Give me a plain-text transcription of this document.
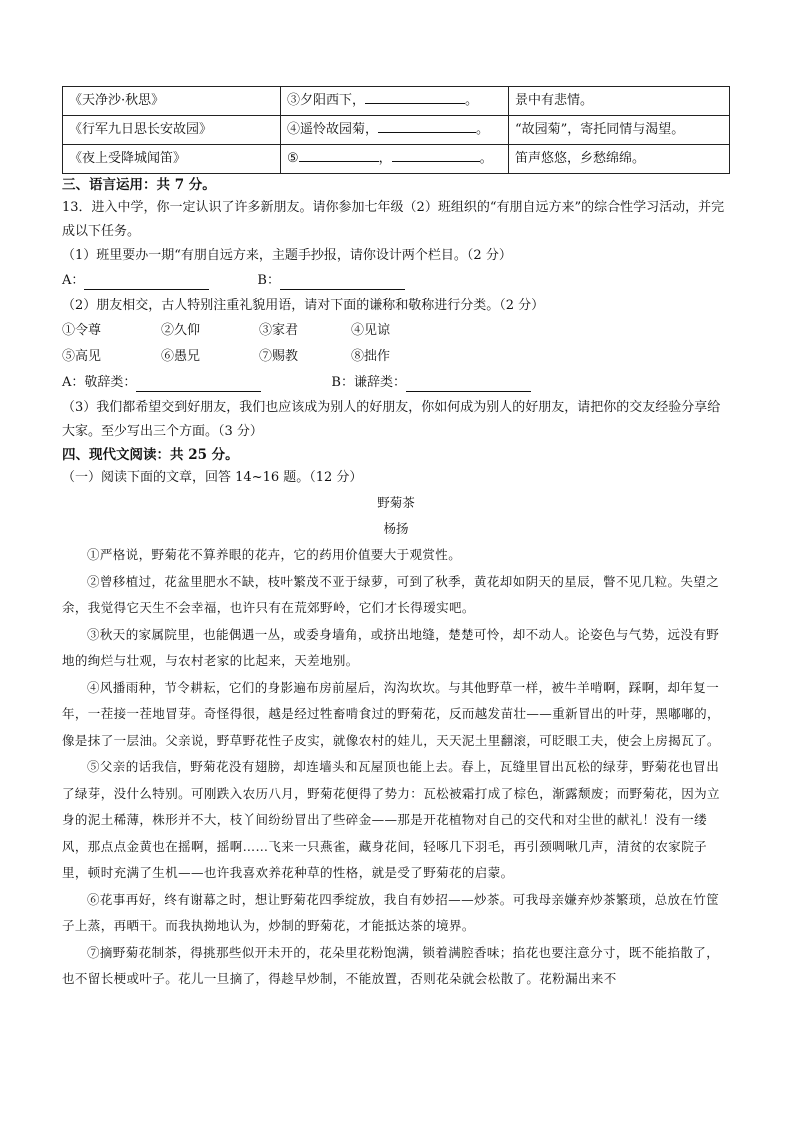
《天净沙·秋思》	③夕阳西下， 。	景中有悲情。
《行军九日思长安故园》	④遥怜故园菊， 。	“故园菊”，寄托同情与渴望。
《夜上受降城闻笛》	⑤ ， 。	笛声悠悠，乡愁绵绵。

三、语言运用：共 7 分。

13．进入中学，你一定认识了许多新朋友。请你参加七年级（2）班组织的“有朋自远方来”的综合性学习活动，并完成以下任务。

（1）班里要办一期“有朋自远方来，主题手抄报，请你设计两个栏目。（2 分）

A：	B：

（2）朋友相交，古人特别注重礼貌用语，请对下面的谦称和敬称进行分类。（2 分）

①令尊	②久仰	③家君	④见谅
⑤高见	⑥愚兄	⑦赐教	⑧拙作
A：敬辞类：	B：谦辞类：

（3）我们都希望交到好朋友，我们也应该成为别人的好朋友，你如何成为别人的好朋友，请把你的交友经验分享给大家。至少写出三个方面。（3 分）

四、现代文阅读：共 25 分。

（一）阅读下面的文章，回答 14~16 题。（12 分）

野菊茶
杨扬

①严格说，野菊花不算养眼的花卉，它的药用价值要大于观赏性。

②曾移植过，花盆里肥水不缺，枝叶繁茂不亚于绿萝，可到了秋季，黄花却如阴天的星辰，瞥不见几粒。失望之余，我觉得它天生不会幸福，也许只有在荒郊野岭，它们才长得瑷实吧。

③秋天的家属院里，也能偶遇一丛，或委身墙角，或挤出地缝，楚楚可怜，却不动人。论姿色与气势，远没有野地的绚烂与壮观，与农村老家的比起来，天差地别。

④风播雨种，节令耕耘，它们的身影遍布房前屋后，沟沟坎坎。与其他野草一样，被牛羊啃啊，踩啊，却年复一年，一茬接一茬地冒芽。奇怪得很，越是经过牲畜啃食过的野菊花，反而越发苗壮——重新冒出的叶芽，黑嘟嘟的，像是抹了一层油。父亲说，野草野花性子皮实，就像农村的娃儿，天天泥土里翻滚，可眨眼工夫，使会上房揭瓦了。

⑤父亲的话我信，野菊花没有翅膀，却连墙头和瓦屋顶也能上去。春上，瓦缝里冒出瓦松的绿芽，野菊花也冒出了绿芽，没什么特别。可刚跌入农历八月，野菊花便得了势力：瓦松被霜打成了棕色，渐露颓废；而野菊花，因为立身的泥土稀薄，株形并不大，枝丫间纷纷冒出了些碎金——那是开花植物对自己的交代和对尘世的献礼！没有一缕风，那点点金黄也在摇啊，摇啊……飞来一只燕雀，藏身花间，轻啄几下羽毛，再引颈啁啾几声，清贫的农家院子里，顿时充满了生机——也许我喜欢养花种草的性格，就是受了野菊花的启蒙。

⑥花事再好，终有谢幕之时，想让野菊花四季绽放，我自有妙招——炒茶。可我母亲嫌弃炒茶繁琐，总放在竹筐子上蒸，再晒干。而我执拗地认为，炒制的野菊花，才能抵达茶的境界。

⑦摘野菊花制茶，得挑那些似开未开的，花朵里花粉饱满，锁着满腔香味；掐花也要注意分寸，既不能掐散了，也不留长梗或叶子。花儿一旦摘了，得趁早炒制，不能放置，否则花朵就会松散了。花粉漏出来不
